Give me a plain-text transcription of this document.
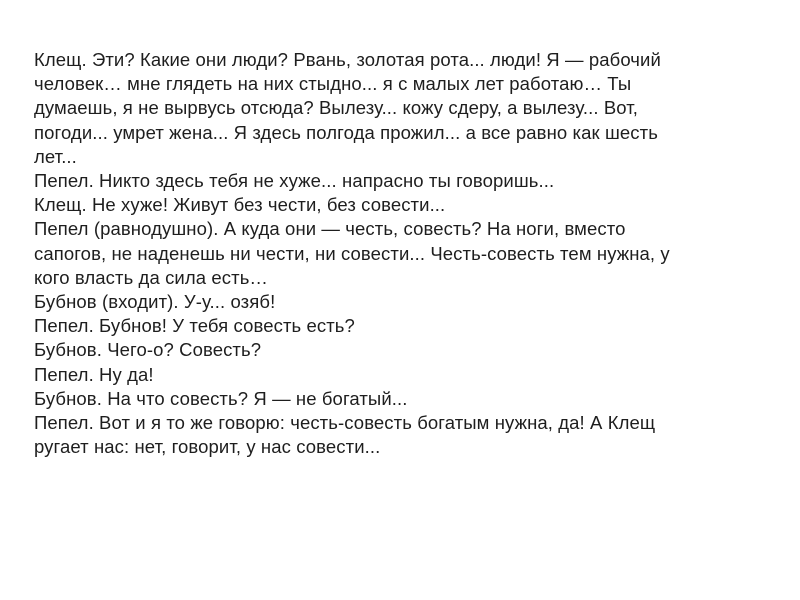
Клещ. Эти? Какие они люди? Рвань, золотая рота... люди! Я — рабочий
человек… мне глядеть на них стыдно... я с малых лет работаю… Ты
думаешь, я не вырвусь отсюда? Вылезу... кожу сдеру, а вылезу... Вот,
погоди... умрет жена... Я здесь полгода прожил... а все равно как шесть
лет...
Пепел. Никто здесь тебя не хуже... напрасно ты говоришь...
Клещ. Не хуже! Живут без чести, без совести...
Пепел (равнодушно). А куда они — честь, совесть? На ноги, вместо
сапогов, не наденешь ни чести, ни совести... Честь-совесть тем нужна, у
кого власть да сила есть…
Бубнов (входит). У-у... озяб!
Пепел. Бубнов! У тебя совесть есть?
Бубнов. Чего-о? Совесть?
Пепел. Ну да!
Бубнов. На что совесть? Я — не богатый...
Пепел. Вот и я то же говорю: честь-совесть богатым нужна, да! А Клещ
ругает нас: нет, говорит, у нас совести...
